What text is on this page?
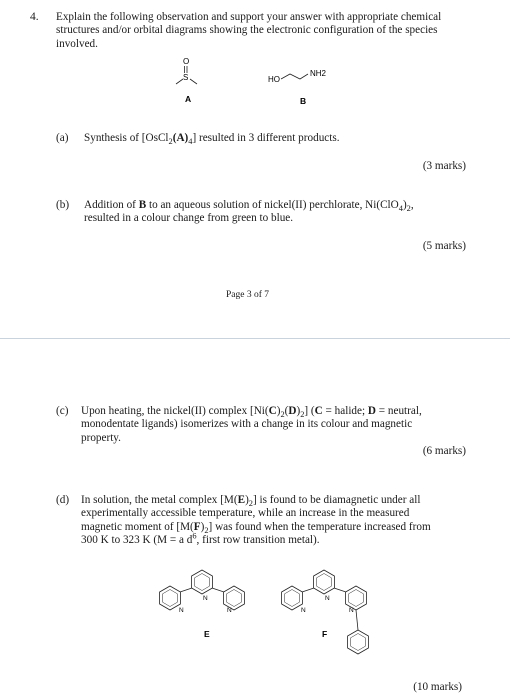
4. Explain the following observation and support your answer with appropriate chemical structures and/or orbital diagrams showing the electronic configuration of the species involved.
O
S
A
HO
NH2
B
(a) Synthesis of $[OsCl_2(A)_4]$ resulted in 3 different products.
(3 marks)
(b) Addition of B to an aqueous solution of nickel(II) perchlorate, $Ni(ClO_4)_2$,
resulted in a colour change from green to blue.
(5 marks)
Page 3 of 7
(c) Upon heating, the nickel(II) complex $[Ni(C)_2(D)_2] (C$ = halide; D = neutral,
monodentate ligands) isomerizes with a change in its colour and magnetic
property.
(6 marks)
(d) In solution, the metal complex $[M(E)_2]$ is found to be diamagnetic under all
experimentally accessible temperature, while an increase in the measured
magnetic moment of $[M(F)_2]$ was found when the temperature increased from
300 K to 323 K (M = a $d^6$, first row transition metal).
N
N
N
E
N
N
N
F
(10 marks)
